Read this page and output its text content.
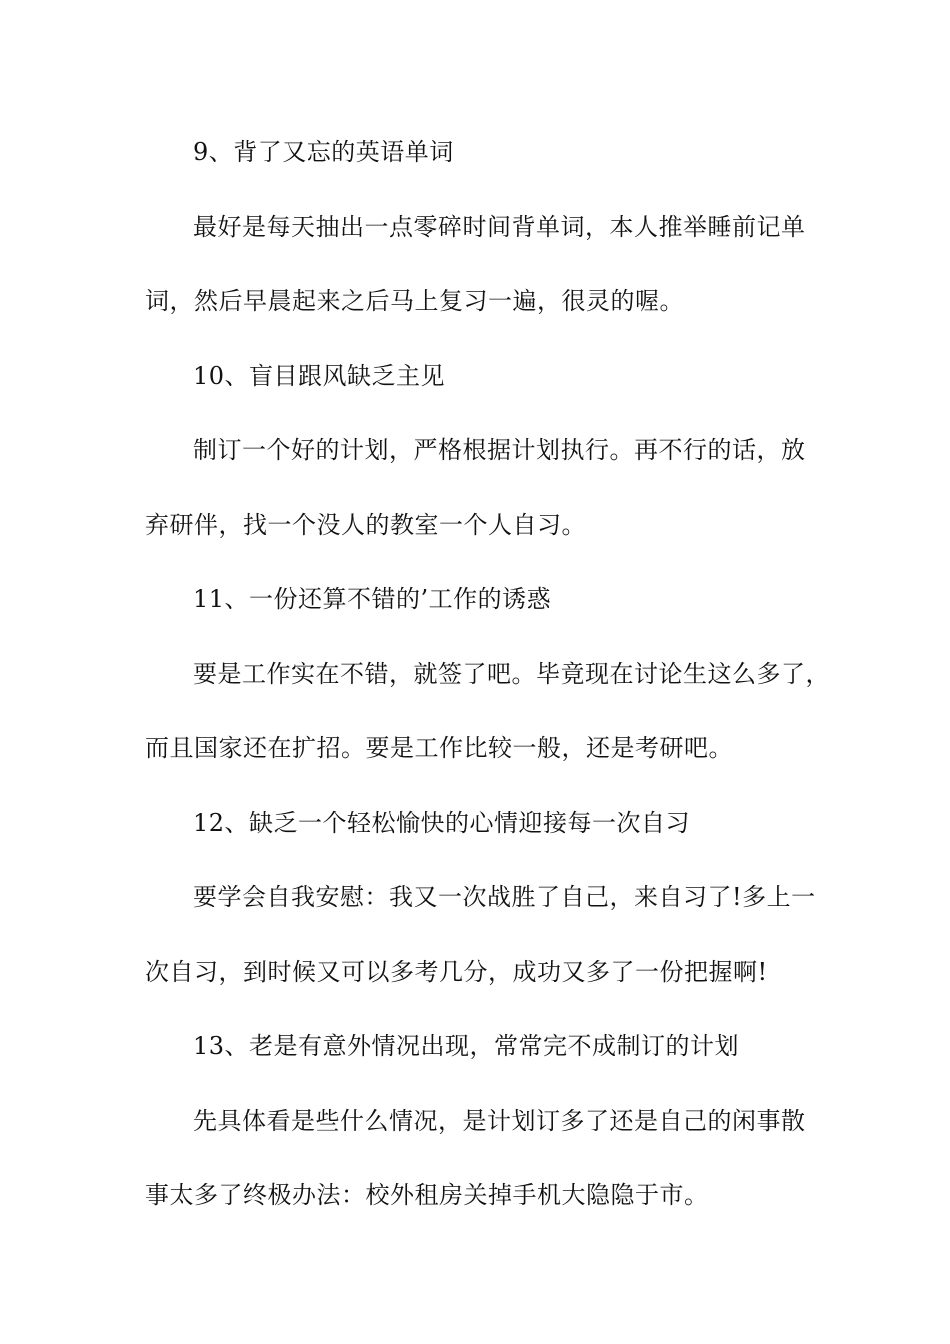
9、背了又忘的英语单词
最好是每天抽出一点零碎时间背单词，本人推举睡前记单
词，然后早晨起来之后马上复习一遍，很灵的喔。
10、盲目跟风缺乏主见
制订一个好的计划，严格根据计划执行。再不行的话，放
弃研伴，找一个没人的教室一个人自习。
11、一份还算不错的’工作的诱惑
要是工作实在不错，就签了吧。毕竟现在讨论生这么多了，
而且国家还在扩招。要是工作比较一般，还是考研吧。
12、缺乏一个轻松愉快的心情迎接每一次自习
要学会自我安慰：我又一次战胜了自己，来自习了!多上一
次自习，到时候又可以多考几分，成功又多了一份把握啊!
13、老是有意外情况出现，常常完不成制订的计划
先具体看是些什么情况，是计划订多了还是自己的闲事散
事太多了终极办法：校外租房关掉手机大隐隐于市。
